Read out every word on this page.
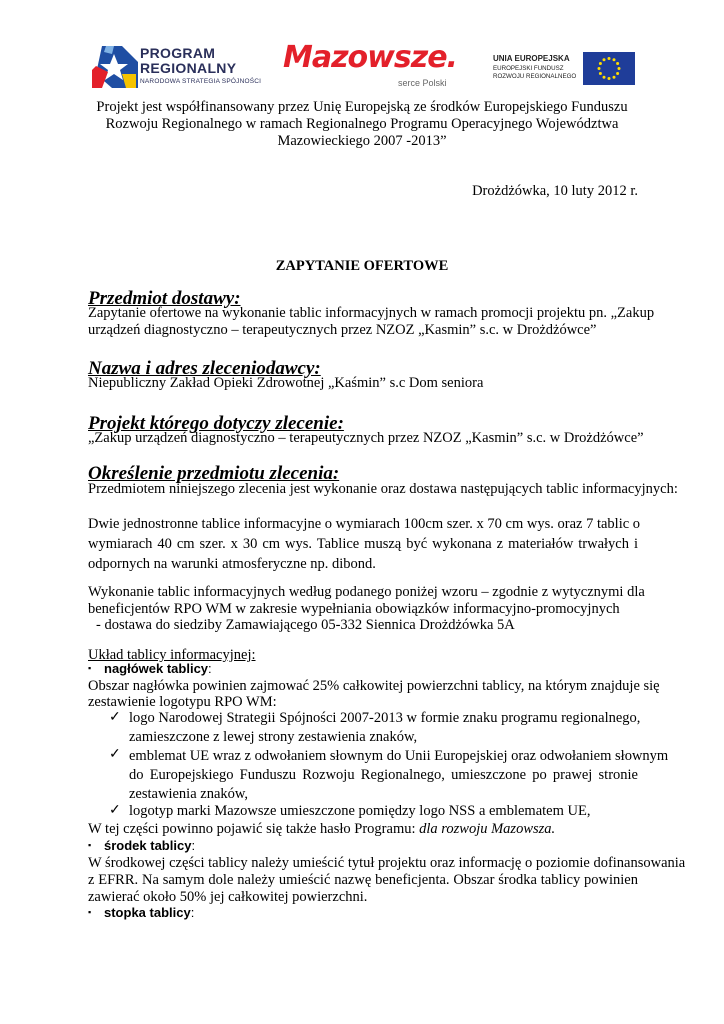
PROGRAM
REGIONALNY
NARODOWA STRATEGIA SPÓJNOŚCI
Mazowsze.
serce Polski
UNIA EUROPEJSKA
EUROPEJSKI FUNDUSZ
ROZWOJU REGIONALNEGO
Projekt jest współfinansowany przez Unię Europejską ze środków Europejskiego Funduszu
Rozwoju Regionalnego w ramach Regionalnego Programu Operacyjnego Województwa
Mazowieckiego 2007 -2013”
Drożdżówka, 10 luty 2012 r.
ZAPYTANIE OFERTOWE
Przedmiot dostawy:
Zapytanie ofertowe na wykonanie tablic informacyjnych w ramach promocji projektu pn. „Zakup
urządzeń diagnostyczno – terapeutycznych przez NZOZ „Kasmin” s.c. w Drożdżówce”
Nazwa i adres zleceniodawcy:
Niepubliczny Zakład Opieki Zdrowotnej „Kaśmin” s.c Dom seniora
Projekt którego dotyczy zlecenie:
„Zakup urządzeń diagnostyczno – terapeutycznych przez NZOZ „Kasmin” s.c. w Drożdżówce”
Określenie przedmiotu zlecenia:
Przedmiotem niniejszego zlecenia jest wykonanie oraz dostawa następujących tablic informacyjnych:
Dwie jednostronne tablice informacyjne o wymiarach 100cm szer. x 70 cm wys. oraz 7 tablic o
wymiarach 40 cm szer. x 30 cm wys. Tablice muszą być wykonana z materiałów trwałych i
odpornych na warunki atmosferyczne np. dibond.
Wykonanie tablic informacyjnych według podanego poniżej wzoru – zgodnie z wytycznymi dla
beneficjentów RPO WM w zakresie wypełniania obowiązków informacyjno-promocyjnych
- dostawa do siedziby Zamawiającego 05-332 Siennica Drożdżówka 5A
Układ tablicy informacyjnej:
▪ nagłówek tablicy:
Obszar nagłówka powinien zajmować 25% całkowitej powierzchni tablicy, na którym znajduje się
zestawienie logotypu RPO WM:
✓ logo Narodowej Strategii Spójności 2007-2013 w formie znaku programu regionalnego,
zamieszczone z lewej strony zestawienia znaków,
✓ emblemat UE wraz z odwołaniem słownym do Unii Europejskiej oraz odwołaniem słownym
do Europejskiego Funduszu Rozwoju Regionalnego, umieszczone po prawej stronie
zestawienia znaków,
✓ logotyp marki Mazowsze umieszczone pomiędzy logo NSS a emblematem UE,
W tej części powinno pojawić się także hasło Programu: dla rozwoju Mazowsza.
▪ środek tablicy:
W środkowej części tablicy należy umieścić tytuł projektu oraz informację o poziomie dofinansowania
z EFRR. Na samym dole należy umieścić nazwę beneficjenta. Obszar środka tablicy powinien
zawierać około 50% jej całkowitej powierzchni.
▪ stopka tablicy:
